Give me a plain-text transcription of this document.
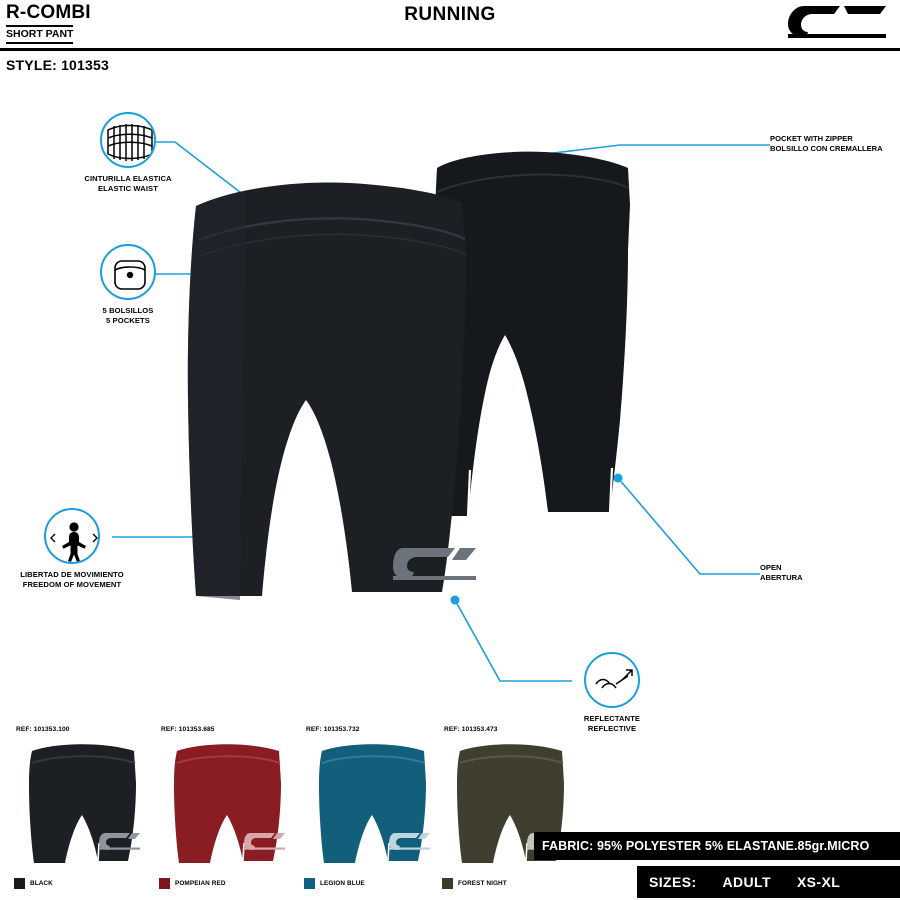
R-COMBI
SHORT PANT
RUNNING
STYLE: 101353
CINTURILLA ELASTICA
ELASTIC WAIST
5 BOLSILLOS
5 POCKETS
LIBERTAD DE MOVIMIENTO
FREEDOM OF MOVEMENT
REFLECTANTE
REFLECTIVE
POCKET WITH ZIPPER
BOLSILLO CON CREMALLERA
OPEN
ABERTURA
REF: 101353.100
BLACK
REF: 101353.685
POMPEIAN RED
REF: 101353.732
LEGION BLUE
REF: 101353.473
FOREST NIGHT
FABRIC: 95% POLYESTER 5% ELASTANE.85gr.MICRO
SIZES: ADULT XS-XL
